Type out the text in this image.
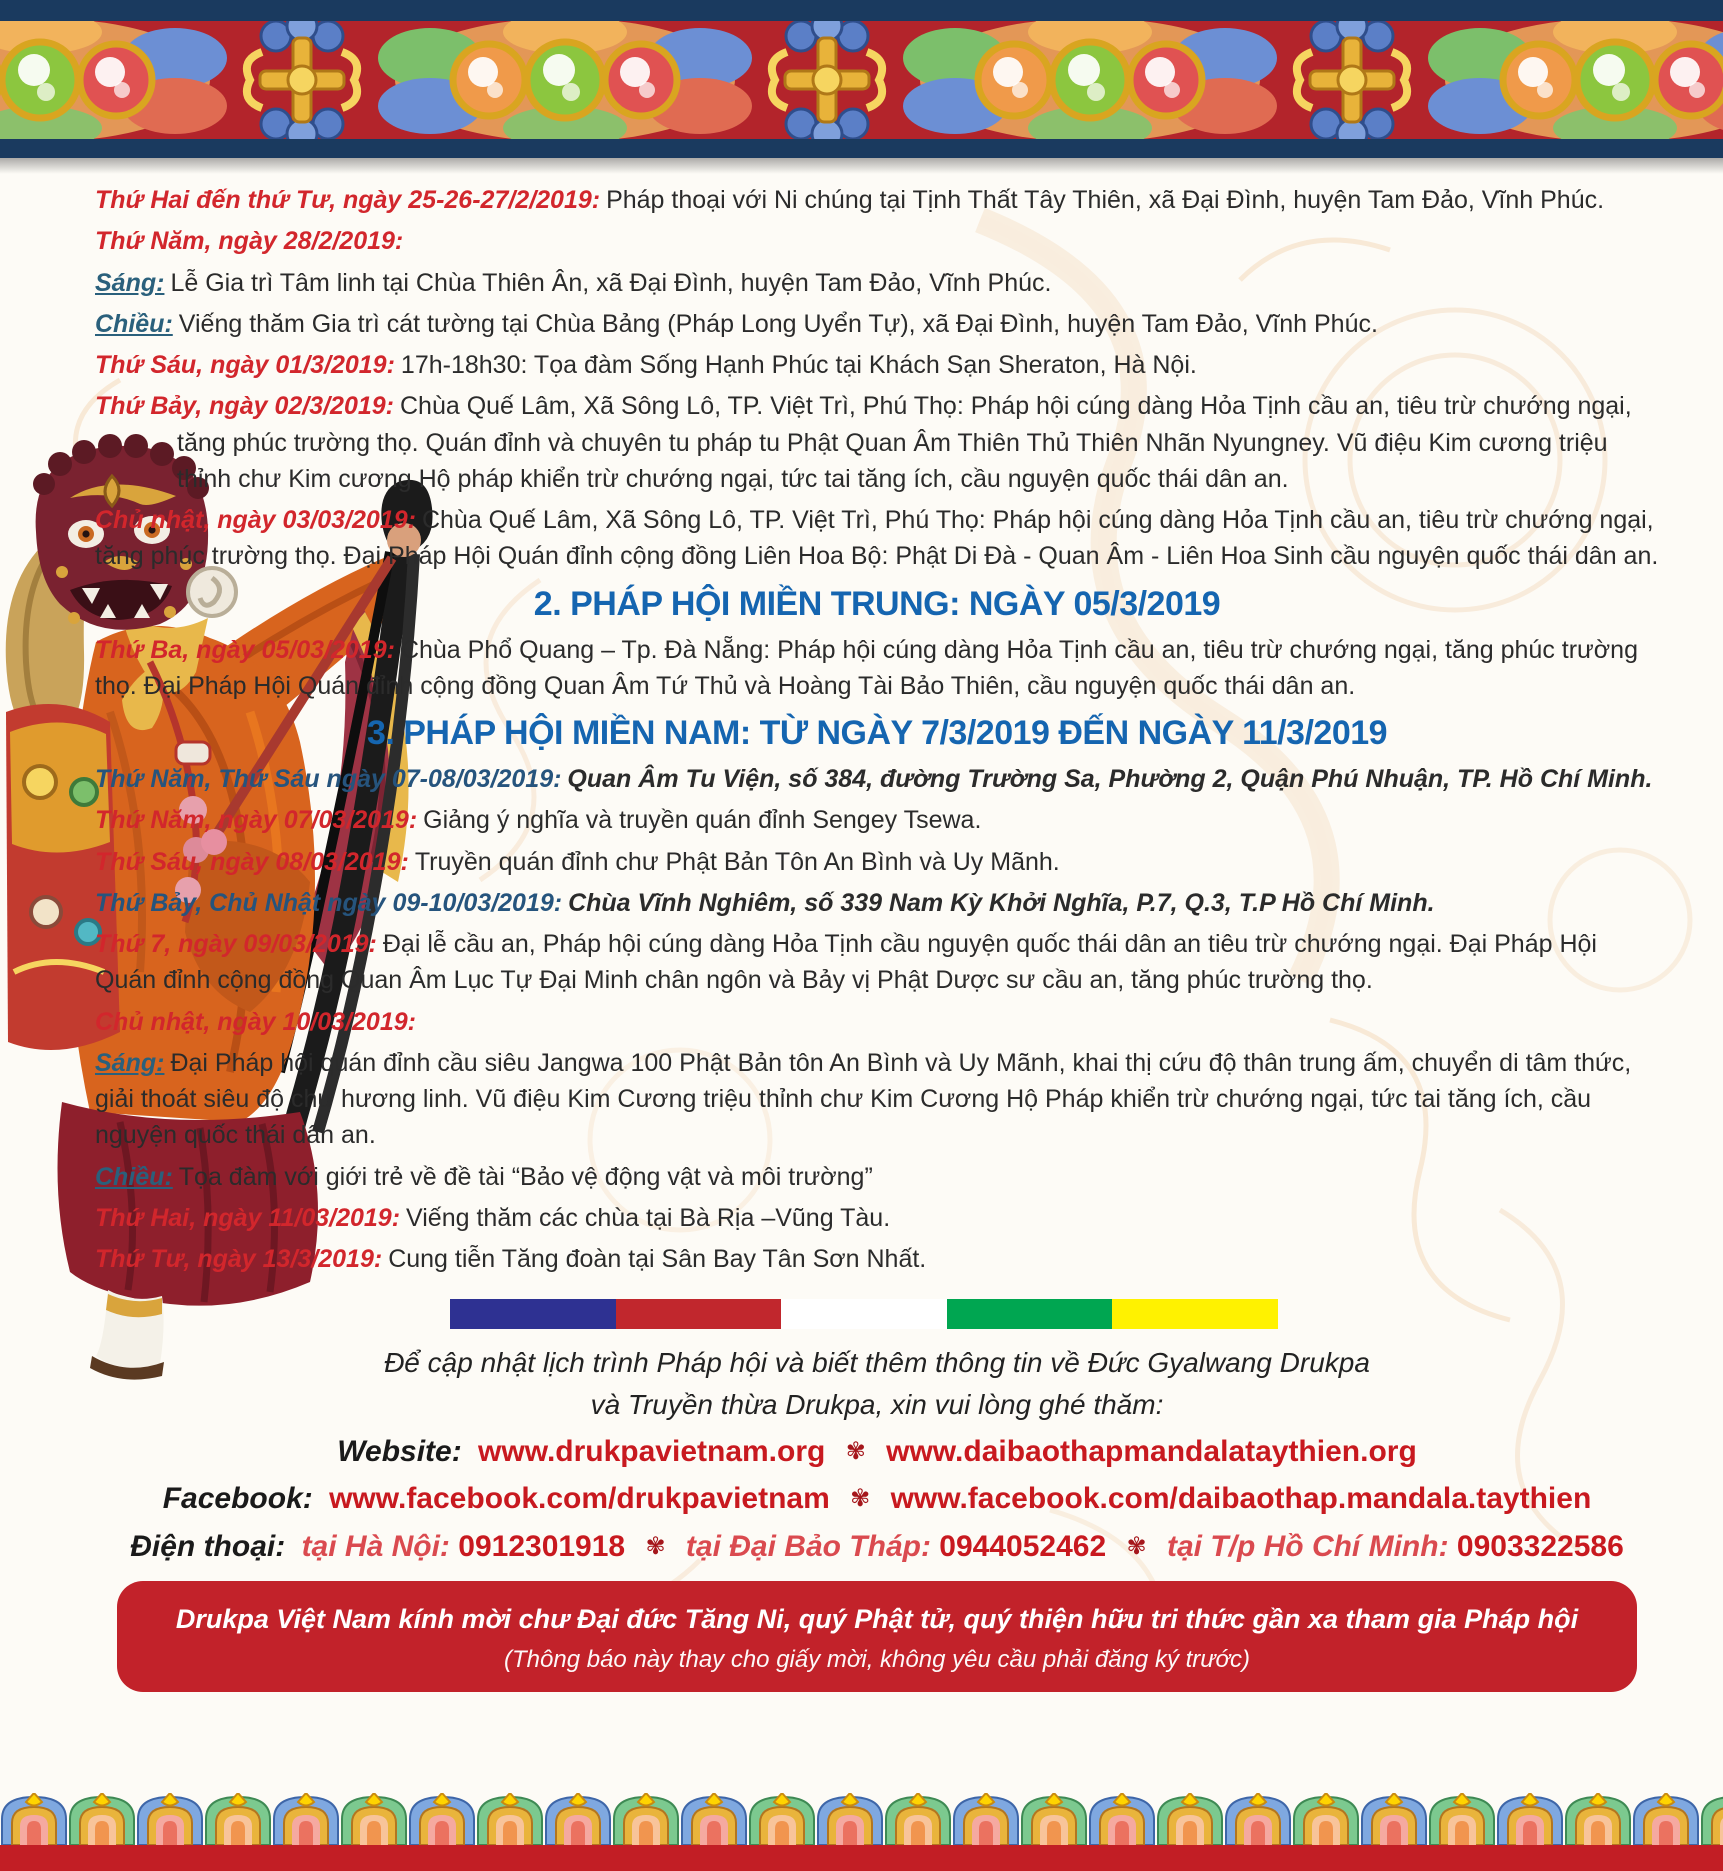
Thứ Hai đến thứ Tư, ngày 25-26-27/2/2019: Pháp thoại với Ni chúng tại Tịnh Thất Tây Thiên, xã Đại Đình, huyện Tam Đảo, Vĩnh Phúc.

Thứ Năm, ngày 28/2/2019:

Sáng: Lễ Gia trì Tâm linh tại Chùa Thiên Ân, xã Đại Đình, huyện Tam Đảo, Vĩnh Phúc.

Chiều: Viếng thăm Gia trì cát tường tại Chùa Bảng (Pháp Long Uyển Tự), xã Đại Đình, huyện Tam Đảo, Vĩnh Phúc.

Thứ Sáu, ngày 01/3/2019: 17h-18h30: Tọa đàm Sống Hạnh Phúc tại Khách Sạn Sheraton, Hà Nội.

Thứ Bảy, ngày 02/3/2019: Chùa Quế Lâm, Xã Sông Lô, TP. Việt Trì, Phú Thọ: Pháp hội cúng dàng Hỏa Tịnh cầu an, tiêu trừ chướng ngại, tăng phúc trường thọ. Quán đỉnh và chuyên tu pháp tu Phật Quan Âm Thiên Thủ Thiên Nhãn Nyungney. Vũ điệu Kim cương triệu thỉnh chư Kim cương Hộ pháp khiển trừ chướng ngại, tức tai tăng ích, cầu nguyện quốc thái dân an.

Chủ nhật, ngày 03/03/2019: Chùa Quế Lâm, Xã Sông Lô, TP. Việt Trì, Phú Thọ: Pháp hội cúng dàng Hỏa Tịnh cầu an, tiêu trừ chướng ngại, tăng phúc trường thọ. Đại Pháp Hội Quán đỉnh cộng đồng Liên Hoa Bộ: Phật Di Đà - Quan Âm - Liên Hoa Sinh cầu nguyện quốc thái dân an.

2. PHÁP HỘI MIỀN TRUNG: NGÀY 05/3/2019

Thứ Ba, ngày 05/03/2019: Chùa Phổ Quang – Tp. Đà Nẵng: Pháp hội cúng dàng Hỏa Tịnh cầu an, tiêu trừ chướng ngại, tăng phúc trường thọ. Đại Pháp Hội Quán đỉnh cộng đồng Quan Âm Tứ Thủ và Hoàng Tài Bảo Thiên, cầu nguyện quốc thái dân an.

3. PHÁP HỘI MIỀN NAM: TỪ NGÀY 7/3/2019 ĐẾN NGÀY 11/3/2019

Thứ Năm, Thứ Sáu ngày 07-08/03/2019: Quan Âm Tu Viện, số 384, đường Trường Sa, Phường 2, Quận Phú Nhuận, TP. Hồ Chí Minh.

Thứ Năm, ngày 07/03/2019: Giảng ý nghĩa và truyền quán đỉnh Sengey Tsewa.

Thứ Sáu, ngày 08/03/2019: Truyền quán đỉnh chư Phật Bản Tôn An Bình và Uy Mãnh.

Thứ Bảy, Chủ Nhật ngày 09-10/03/2019: Chùa Vĩnh Nghiêm, số 339 Nam Kỳ Khởi Nghĩa, P.7, Q.3, T.P Hồ Chí Minh.

Thứ 7, ngày 09/03/2019: Đại lễ cầu an, Pháp hội cúng dàng Hỏa Tịnh cầu nguyện quốc thái dân an tiêu trừ chướng ngại. Đại Pháp Hội Quán đỉnh cộng đồng Quan Âm Lục Tự Đại Minh chân ngôn và Bảy vị Phật Dược sư cầu an, tăng phúc trường thọ.

Chủ nhật, ngày 10/03/2019:

Sáng: Đại Pháp hội quán đỉnh cầu siêu Jangwa 100 Phật Bản tôn An Bình và Uy Mãnh, khai thị cứu độ thân trung ấm, chuyển di tâm thức, giải thoát siêu độ chư hương linh. Vũ điệu Kim Cương triệu thỉnh chư Kim Cương Hộ Pháp khiển trừ chướng ngại, tức tai tăng ích, cầu nguyện quốc thái dân an.

Chiều: Tọa đàm với giới trẻ về đề tài “Bảo vệ động vật và môi trường”

Thứ Hai, ngày 11/03/2019: Viếng thăm các chùa tại Bà Rịa –Vũng Tàu.

Thứ Tư, ngày 13/3/2019: Cung tiễn Tăng đoàn tại Sân Bay Tân Sơn Nhất.

Để cập nhật lịch trình Pháp hội và biết thêm thông tin về Đức Gyalwang Drukpa

và Truyền thừa Drukpa, xin vui lòng ghé thăm:

Website: www.drukpavietnam.org ✾ www.daibaothapmandalataythien.org

Facebook: www.facebook.com/drukpavietnam ✾ www.facebook.com/daibaothap.mandala.taythien

Điện thoại: tại Hà Nội: 0912301918 ✾ tại Đại Bảo Tháp: 0944052462 ✾ tại T/p Hồ Chí Minh: 0903322586

Drukpa Việt Nam kính mời chư Đại đức Tăng Ni, quý Phật tử, quý thiện hữu tri thức gần xa tham gia Pháp hội

(Thông báo này thay cho giấy mời, không yêu cầu phải đăng ký trước)
